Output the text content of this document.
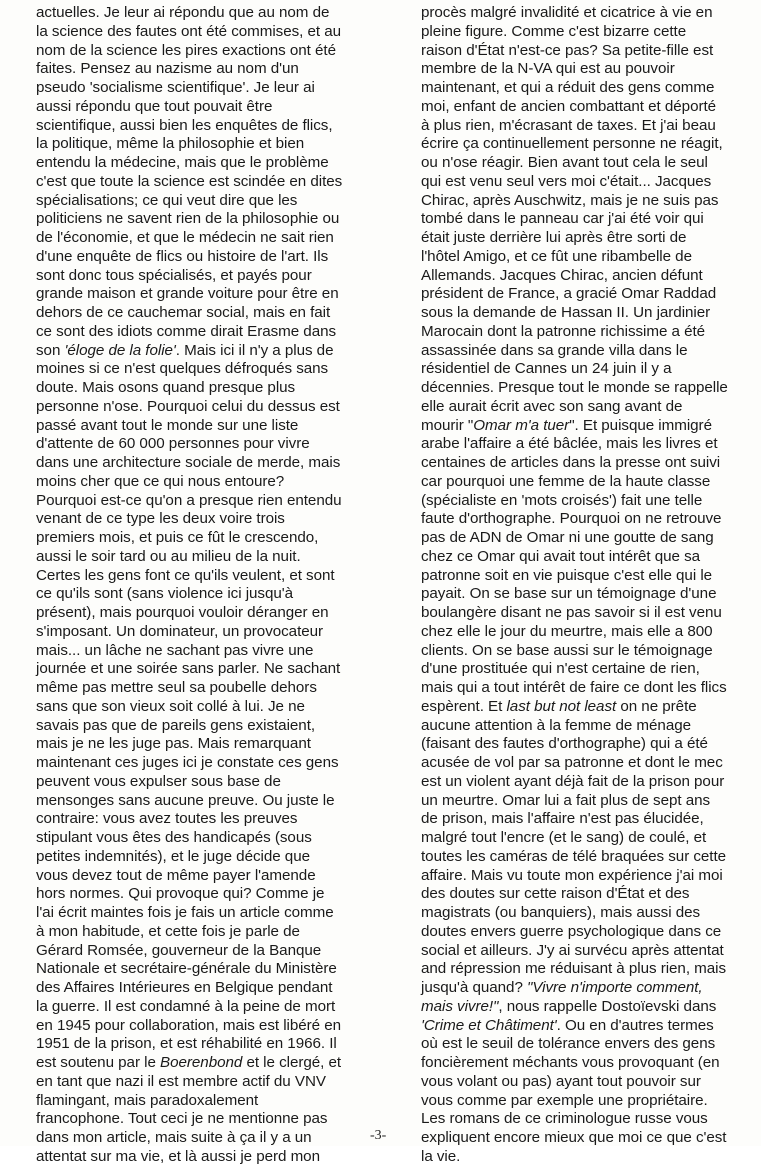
actuelles. Je leur ai répondu que au nom de
la science des fautes ont été commises, et au
nom de la science les pires exactions ont été
faites. Pensez au nazisme au nom d'un
pseudo 'socialisme scientifique'. Je leur ai
aussi répondu que tout pouvait être
scientifique, aussi bien les enquêtes de flics,
la politique, même la philosophie et bien
entendu la médecine, mais que le problème
c'est que toute la science est scindée en dites
spécialisations; ce qui veut dire que les
politiciens ne savent rien de la philosophie ou
de l'économie, et que le médecin ne sait rien
d'une enquête de flics ou histoire de l'art. Ils
sont donc tous spécialisés, et payés pour
grande maison et grande voiture pour être en
dehors de ce cauchemar social, mais en fait
ce sont des idiots comme dirait Erasme dans
son 'éloge de la folie'. Mais ici il n'y a plus de
moines si ce n'est quelques défroqués sans
doute. Mais osons quand presque plus
personne n'ose. Pourquoi celui du dessus est
passé avant tout le monde sur une liste
d'attente de 60 000 personnes pour vivre
dans une architecture sociale de merde, mais
moins cher que ce qui nous entoure?
Pourquoi est-ce qu'on a presque rien entendu
venant de ce type les deux voire trois
premiers mois, et puis ce fût le crescendo,
aussi le soir tard ou au milieu de la nuit.
Certes les gens font ce qu'ils veulent, et sont
ce qu'ils sont (sans violence ici jusqu'à
présent), mais pourquoi vouloir déranger en
s'imposant. Un dominateur, un provocateur
mais... un lâche ne sachant pas vivre une
journée et une soirée sans parler. Ne sachant
même pas mettre seul sa poubelle dehors
sans que son vieux soit collé à lui. Je ne
savais pas que de pareils gens existaient,
mais je ne les juge pas. Mais remarquant
maintenant ces juges ici je constate ces gens
peuvent vous expulser sous base de
mensonges sans aucune preuve. Ou juste le
contraire: vous avez toutes les preuves
stipulant vous êtes des handicapés (sous
petites indemnités), et le juge décide que
vous devez tout de même payer l'amende
hors normes. Qui provoque qui? Comme je
l'ai écrit maintes fois je fais un article comme
à mon habitude, et cette fois je parle de
Gérard Romsée, gouverneur de la Banque
Nationale et secrétaire-générale du Ministère
des Affaires Intérieures en Belgique pendant
la guerre. Il est condamné à la peine de mort
en 1945 pour collaboration, mais est libéré en
1951 de la prison, et est réhabilité en 1966. Il
est soutenu par le Boerenbond et le clergé, et
en tant que nazi il est membre actif du VNV
flamingant, mais paradoxalement
francophone. Tout ceci je ne mentionne pas
dans mon article, mais suite à ça il y a un
attentat sur ma vie, et là aussi je perd mon
procès malgré invalidité et cicatrice à vie en
pleine figure. Comme c'est bizarre cette
raison d'État n'est-ce pas? Sa petite-fille est
membre de la N-VA qui est au pouvoir
maintenant, et qui a réduit des gens comme
moi, enfant de ancien combattant et déporté
à plus rien, m'écrasant de taxes. Et j'ai beau
écrire ça continuellement personne ne réagit,
ou n'ose réagir. Bien avant tout cela le seul
qui est venu seul vers moi c'était... Jacques
Chirac, après Auschwitz, mais je ne suis pas
tombé dans le panneau car j'ai été voir qui
était juste derrière lui après être sorti de
l'hôtel Amigo, et ce fût une ribambelle de
Allemands. Jacques Chirac, ancien défunt
président de France, a gracié Omar Raddad
sous la demande de Hassan II. Un jardinier
Marocain dont la patronne richissime a été
assassinée dans sa grande villa dans le
résidentiel de Cannes un 24 juin il y a
décennies. Presque tout le monde se rappelle
elle aurait écrit avec son sang avant de
mourir "Omar m'a tuer". Et puisque immigré
arabe l'affaire a été bâclée, mais les livres et
centaines de articles dans la presse ont suivi
car pourquoi une femme de la haute classe
(spécialiste en 'mots croisés') fait une telle
faute d'orthographe. Pourquoi on ne retrouve
pas de ADN de Omar ni une goutte de sang
chez ce Omar qui avait tout intérêt que sa
patronne soit en vie puisque c'est elle qui le
payait. On se base sur un témoignage d'une
boulangère disant ne pas savoir si il est venu
chez elle le jour du meurtre, mais elle a 800
clients. On se base aussi sur le témoignage
d'une prostituée qui n'est certaine de rien,
mais qui a tout intérêt de faire ce dont les flics
espèrent. Et last but not least on ne prête
aucune attention à la femme de ménage
(faisant des fautes d'orthographe) qui a été
acusée de vol par sa patronne et dont le mec
est un violent ayant déjà fait de la prison pour
un meurtre. Omar lui a fait plus de sept ans
de prison, mais l'affaire n'est pas élucidée,
malgré tout l'encre (et le sang) de coulé, et
toutes les caméras de télé braquées sur cette
affaire. Mais vu toute mon expérience j'ai moi
des doutes sur cette raison d'État et des
magistrats (ou banquiers), mais aussi des
doutes envers guerre psychologique dans ce
social et ailleurs. J'y ai survécu après attentat
and répression me réduisant à plus rien, mais
jusqu'à quand? "Vivre n'importe comment,
mais vivre!", nous rappelle Dostoïevski dans
'Crime et Châtiment'. Ou en d'autres termes
où est le seuil de tolérance envers des gens
foncièrement méchants vous provoquant (en
vous volant ou pas) ayant tout pouvoir sur
vous comme par exemple une propriétaire.
Les romans de ce criminologue russe vous
expliquent encore mieux que moi ce que c'est
la vie.
-3-
